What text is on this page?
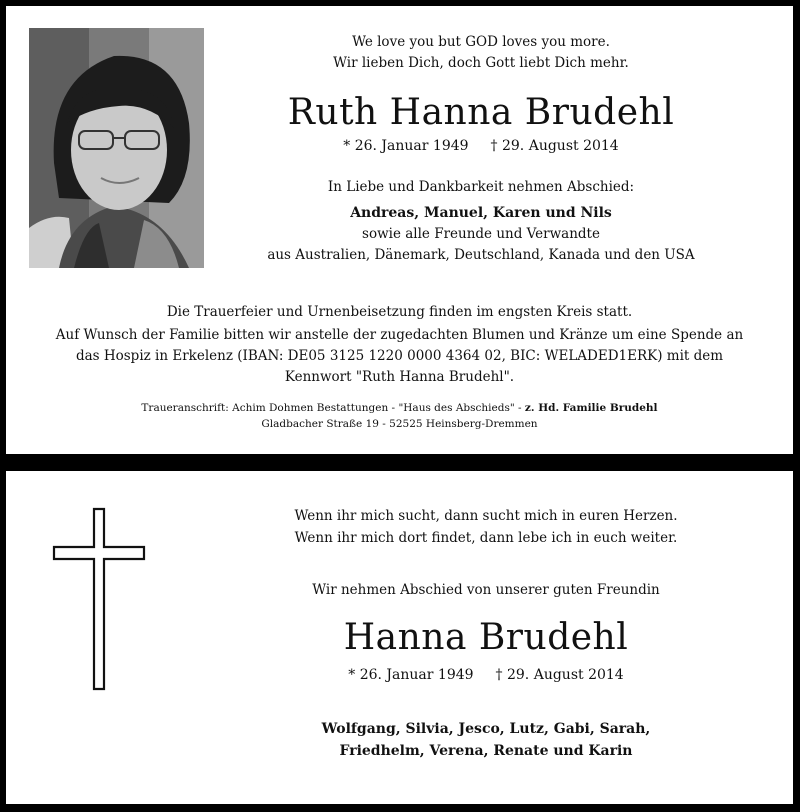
We love you but GOD loves you more.
Wir lieben Dich, doch Gott liebt Dich mehr.
Ruth Hanna Brudehl
* 26. Januar 1949 † 29. August 2014
In Liebe und Dankbarkeit nehmen Abschied:
Andreas, Manuel, Karen und Nils
sowie alle Freunde und Verwandte
aus Australien, Dänemark, Deutschland, Kanada und den USA
Die Trauerfeier und Urnenbeisetzung finden im engsten Kreis statt.
Auf Wunsch der Familie bitten wir anstelle der zugedachten Blumen und Kränze um eine Spende an
das Hospiz in Erkelenz (IBAN: DE05 3125 1220 0000 4364 02, BIC: WELADED1ERK) mit dem
Kennwort "Ruth Hanna Brudehl".
Traueranschrift: Achim Dohmen Bestattungen - "Haus des Abschieds" - z. Hd. Familie Brudehl
Gladbacher Straße 19 - 52525 Heinsberg-Dremmen
Wenn ihr mich sucht, dann sucht mich in euren Herzen.
Wenn ihr mich dort findet, dann lebe ich in euch weiter.
Wir nehmen Abschied von unserer guten Freundin
Hanna Brudehl
* 26. Januar 1949 † 29. August 2014
Wolfgang, Silvia, Jesco, Lutz, Gabi, Sarah,
Friedhelm, Verena, Renate und Karin
